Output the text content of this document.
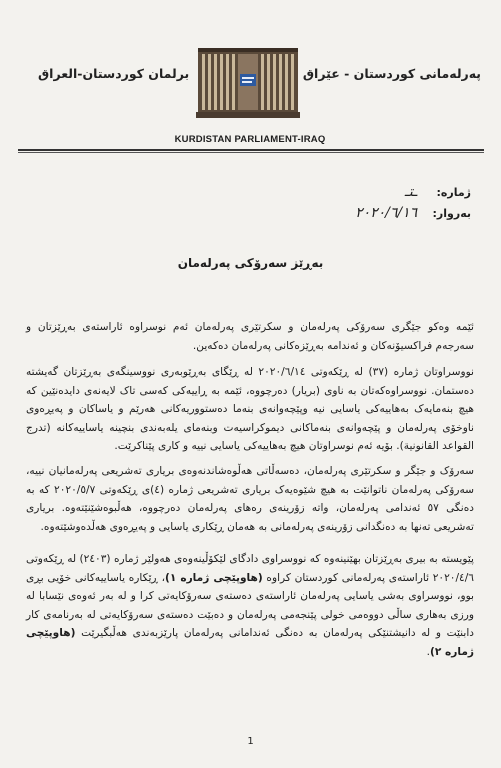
پەرلەمانی کوردستان - عێراق
برلمان كوردستان-العراق
KURDISTAN PARLIAMENT-IRAQ
ژمارە: ـتـ
بەروار: ٢٠٢٠/٦/١٦
بەڕێز سەرۆکی پەرلەمان

ئێمە وەکو جێگری سەرۆکی پەرلەمان و سکرتێری پەرلەمان ئەم نوسراوە ئاراستەی بەڕێزتان و سەرجەم فراکسیۆنەکان و ئەندامە بەڕێزەکانی پەرلەمان دەکەین.

نووسراوتان ژمارە (٣٧) لە ڕێکەوتی ٢٠٢٠/٦/١٤ لە ڕێگای بەڕێوبەری نووسینگەی بەڕێزتان گەیشتە دەستمان. نووسراوەکەتان بە ناوی (بریار) دەرچووە، ئێمە بە ڕاییەکی کەسی تاک لایەنەی دایدەنێین کە هیچ بنەمایەک بەهاییەکی یاسایی نیە وپێچەوانەی بنەما دەستووریەکانی هەرێم و یاساکان و پەیڕەوی ناوخۆی پەرلەمان و پێچەوانەی بنەماکانی دیموکراسیەت وبنەمای یلەبەندی بنچینە یاساییەکانە (تدرج القواعد القانونية). بۆیە ئەم نوسراوتان هیچ بەهاییەکی یاسایی نییە و کاری پێناکرێت.

سەرۆک و جێگر و سکرتێری پەرلەمان، دەسەڵاتی هەڵوەشاندنەوەی بریاری تەشریعی پەرلەمانیان نییە، سەرۆکی پەرلەمان ناتوانێت بە هیچ شێوەیەک بریاری تەشریعی ژمارە (٤)ی ڕێکەوتی ٢٠٢٠/٥/٧ کە بە دەنگی ٥٧ ئەندامی پەرلەمان، واتە زۆرینەی رەهای پەرلەمان دەرچووە، هەڵبوەشێنێتەوە. بریاری تەشریعی تەنها بە دەنگدانی زۆرینەی پەرلەمانی بە هەمان ڕێکاری یاسایی و پەیڕەوی هەڵدەوشێتەوە.

پێویستە بە بیری بەڕێزتان بهێنینەوە کە نووسراوی دادگای لێکۆڵینەوەی هەولێر ژمارە (٢٤٠٣) لە ڕێکەوتی ٢٠٢٠/٤/٦ ئاراستەی پەرلەمانی کوردستان کراوە (هاوپێچی ژمارە ١)، ڕێکارە یاساییەکانی خۆیی بڕی بوو، نووسراوی بەشی یاسایی پەرلەمان ئاراستەی دەستەی سەرۆکایەتی کرا و لە بەر ئەوەی نێسابا لە ورزی بەهاری ساڵی دووەمی خولی پێنجەمی پەرلەمان و دەبێت دەستەی سەرۆکایەتی لە بەرنامەی کار دابنێت و لە دانیشتنێکی پەرلەمان بە دەنگی ئەندامانی پەرلەمان پارێزبەندی هەڵبگیرێت (هاوپێچی ژمارە ٢).

1
